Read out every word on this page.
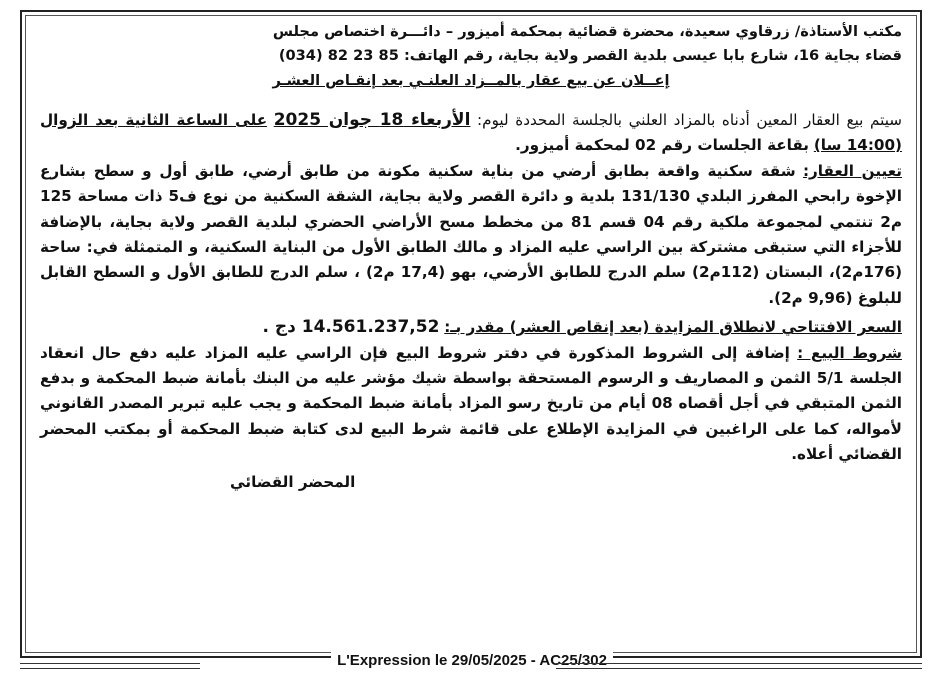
مكتب الأستاذة/ زرقاوي سعيدة، محضرة قضائية بمحكمة أميزور – دائـــرة اختصاص مجلس
قضاء بجاية 16، شارع بابا عيسى بلدية القصر ولاية بجاية، رقم الهاتف: 85 23 82 (034)
إعــلان عن بيع عقار بالمــزاد العلنـي بعد إنقـاص العشـر

سيتم بيع العقار المعين أدناه بالمزاد العلني بالجلسة المحددة ليوم: الأربعاء 18 جوان 2025 على الساعة الثانية بعد الزوال (14:00 سا) بقاعة الجلسات رقم 02 لمحكمة أميزور.

تعيين العقار: شقة سكنية واقعة بطابق أرضي من بناية سكنية مكونة من طابق أرضي، طابق أول و سطح بشارع الإخوة رابحي المفرز البلدي 131/130 بلدية و دائرة القصر ولاية بجاية، الشقة السكنية من نوع ف5 ذات مساحة 125 م2 تنتمي لمجموعة ملكية رقم 04 قسم 81 من مخطط مسح الأراضي الحضري لبلدية القصر ولاية بجاية، بالإضافة للأجزاء التي ستبقى مشتركة بين الراسي عليه المزاد و مالك الطابق الأول من البناية السكنية، و المتمثلة في: ساحة (176م2)، البستان (112م2) سلم الدرج للطابق الأرضي، بهو (17,4 م2) ، سلم الدرج للطابق الأول و السطح القابل للبلوغ (9,96 م2).

السعر الافتتاحي لانطلاق المزايدة (بعد إنقاص العشر) مقدر بـ: 14.561.237,52 دج .

شروط البيع : إضافة إلى الشروط المذكورة في دفتر شروط البيع فإن الراسي عليه المزاد عليه دفع حال انعقاد الجلسة 5/1 الثمن و المصاريف و الرسوم المستحقة بواسطة شيك مؤشر عليه من البنك بأمانة ضبط المحكمة و بدفع الثمن المتبقي في أجل أقصاه 08 أيام من تاريخ رسو المزاد بأمانة ضبط المحكمة و يجب عليه تبرير المصدر القانوني لأمواله، كما على الراغبين في المزايدة الإطلاع على قائمة شرط البيع لدى كتابة ضبط المحكمة أو بمكتب المحضر القضائي أعلاه.

المحضر القضائي
L'Expression le 29/05/2025 - AC25/302
